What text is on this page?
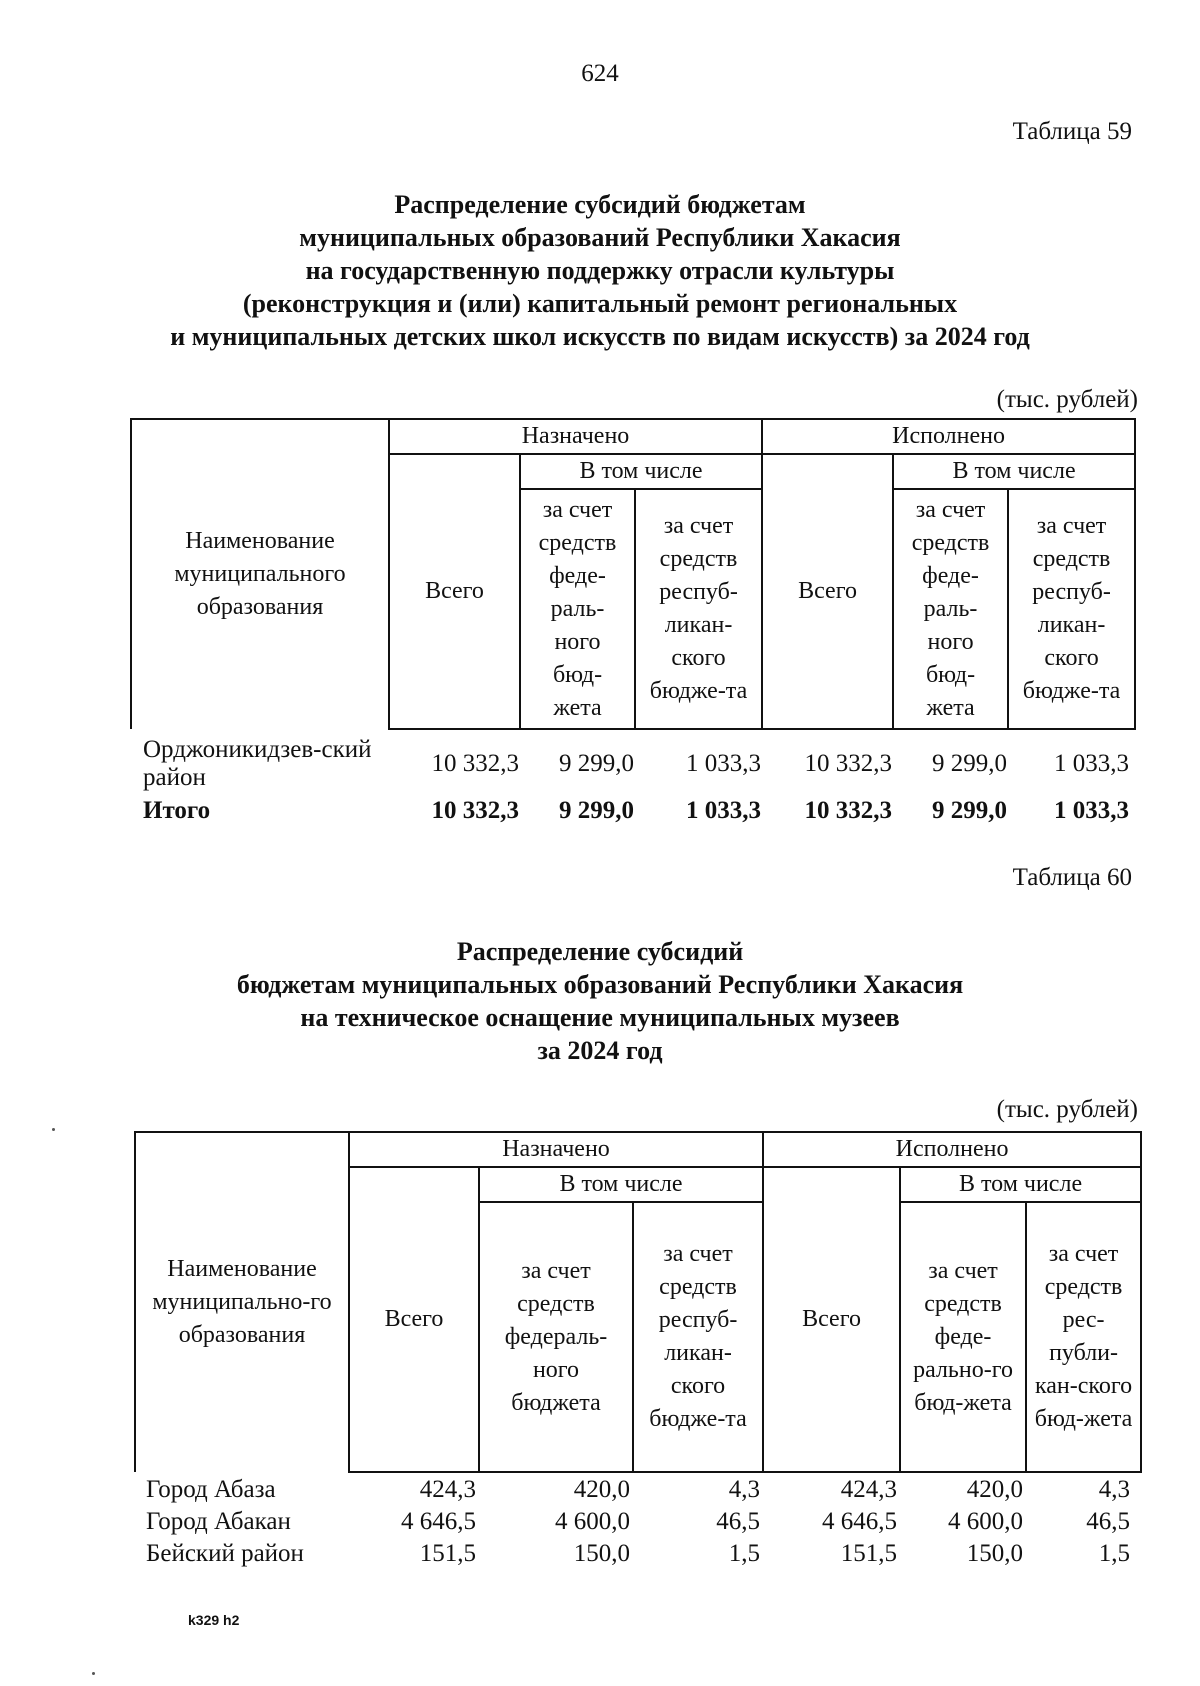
624
Таблица 59
Распределение субсидий бюджетам
муниципальных образований Республики Хакасия
на государственную поддержку отрасли культуры
(реконструкция и (или) капитальный ремонт региональных
и муниципальных детских школ искусств по видам искусств) за 2024 год
(тыс. рублей)
Наименование муниципального образования	Назначено			Исполнено		
	Всего	В том числе		Всего	В том числе	

		за счет средств феде-раль-ного бюд-жета	за счет средств респуб-ликан-ского бюдже-та		за счет средств феде-раль-ного бюд-жета	за счет средств респуб-ликан-ского бюдже-та
Орджоникидзев-ский район	10 332,3	9 299,0	1 033,3	10 332,3	9 299,0	1 033,3
Итого	10 332,3	9 299,0	1 033,3	10 332,3	9 299,0	1 033,3
Таблица 60
Распределение субсидий
бюджетам муниципальных образований Республики Хакасия
на техническое оснащение муниципальных музеев
за 2024 год
(тыс. рублей)
Наименование муниципально-го образования	Назначено			Исполнено		
	Всего	В том числе		Всего	В том числе	

		за счет средств федераль-ного бюджета	за счет средств респуб-ликан-ского бюдже-та		за счет средств феде-рально-го бюд-жета	за счет средств рес-публи-кан-ского бюд-жета
Город Абаза	424,3	420,0	4,3	424,3	420,0	4,3
Город Абакан	4 646,5	4 600,0	46,5	4 646,5	4 600,0	46,5
Бейский район	151,5	150,0	1,5	151,5	150,0	1,5
k329 h2
